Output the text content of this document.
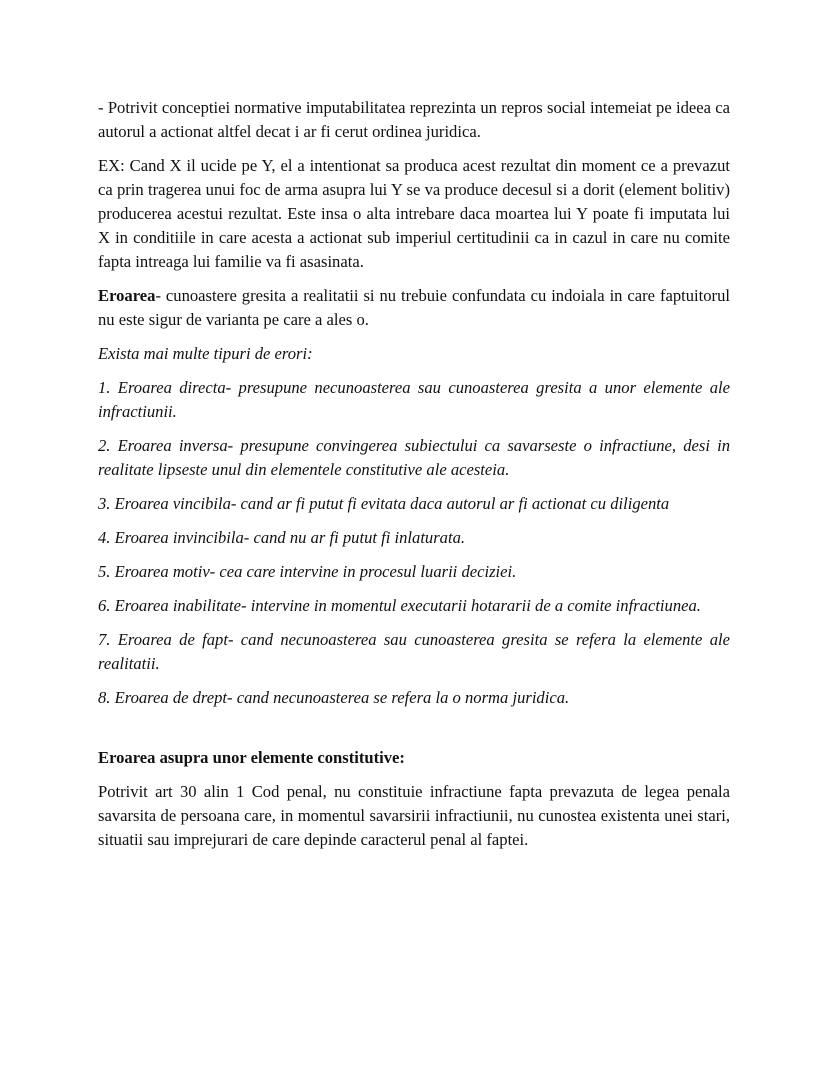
- Potrivit conceptiei normative imputabilitatea reprezinta un repros social intemeiat pe ideea ca autorul a actionat altfel decat i ar fi cerut ordinea juridica.

EX: Cand X il ucide pe Y, el a intentionat sa produca acest rezultat din moment ce a prevazut ca prin tragerea unui foc de arma asupra lui Y se va produce decesul si a dorit (element bolitiv) producerea acestui rezultat. Este insa o alta intrebare daca moartea lui Y poate fi imputata lui X in conditiile in care acesta a actionat sub imperiul certitudinii ca in cazul in care nu comite fapta intreaga lui familie va fi asasinata.

Eroarea- cunoastere gresita a realitatii si nu trebuie confundata cu indoiala in care faptuitorul nu este sigur de varianta pe care a ales o.

Exista mai multe tipuri de erori:

1. Eroarea directa- presupune necunoasterea sau cunoasterea gresita a unor elemente ale infractiunii.

2. Eroarea inversa- presupune convingerea subiectului ca savarseste o infractiune, desi in realitate lipseste unul din elementele constitutive ale acesteia.

3. Eroarea vincibila- cand ar fi putut fi evitata daca autorul ar fi actionat cu diligenta

4. Eroarea invincibila- cand nu ar fi putut fi inlaturata.

5. Eroarea motiv- cea care intervine in procesul luarii deciziei.

6. Eroarea inabilitate- intervine in momentul executarii hotararii de a comite infractiunea.

7. Eroarea de fapt- cand necunoasterea sau cunoasterea gresita se refera la elemente ale realitatii.

8. Eroarea de drept- cand necunoasterea se refera la o norma juridica.

Eroarea asupra unor elemente constitutive:

Potrivit art 30 alin 1 Cod penal, nu constituie infractiune fapta prevazuta de legea penala savarsita de persoana care, in momentul savarsirii infractiunii, nu cunostea existenta unei stari, situatii sau imprejurari de care depinde caracterul penal al faptei.
